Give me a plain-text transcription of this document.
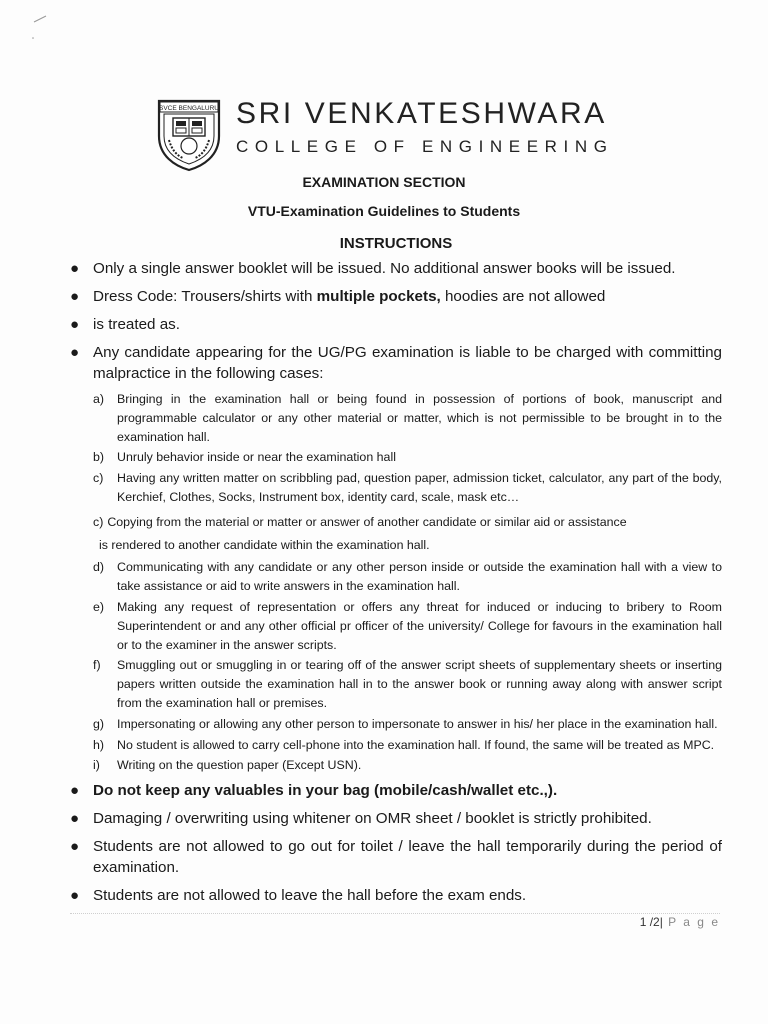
SVCE BENGALURU SRI VENKATESHWARA
COLLEGE OF ENGINEERING
EXAMINATION SECTION
VTU-Examination Guidelines to Students
INSTRUCTIONS
● Only a single answer booklet will be issued. No additional answer books will be issued.
● Dress Code: Trousers/shirts with multiple pockets, hoodies are not allowed
● is treated as.
● Any candidate appearing for the UG/PG examination is liable to be charged with committing malpractice in the following cases:
a) Bringing in the examination hall or being found in possession of portions of book, manuscript and programmable calculator or any other material or matter, which is not permissible to be brought in to the examination hall.
b) Unruly behavior inside or near the examination hall
c) Having any written matter on scribbling pad, question paper, admission ticket, calculator, any part of the body, Kerchief, Clothes, Socks, Instrument box, identity card, scale, mask etc…
c) Copying from the material or matter or answer of another candidate or similar aid or assistance
is rendered to another candidate within the examination hall.
d) Communicating with any candidate or any other person inside or outside the examination hall with a view to take assistance or aid to write answers in the examination hall.
e) Making any request of representation or offers any threat for induced or inducing to bribery to Room Superintendent or and any other official pr officer of the university/ College for favours in the examination hall or to the examiner in the answer scripts.
f) Smuggling out or smuggling in or tearing off of the answer script sheets of supplementary sheets or inserting papers written outside the examination hall in to the answer book or running away along with answer script from the examination hall or premises.
g) Impersonating or allowing any other person to impersonate to answer in his/ her place in the examination hall.
h) No student is allowed to carry cell-phone into the examination hall. If found, the same will be treated as MPC.
i) Writing on the question paper (Except USN).
● Do not keep any valuables in your bag (mobile/cash/wallet etc.,).
● Damaging / overwriting using whitener on OMR sheet / booklet is strictly prohibited.
● Students are not allowed to go out for toilet / leave the hall temporarily during the period of examination.
● Students are not allowed to leave the hall before the exam ends.
1 /2| P a g e
